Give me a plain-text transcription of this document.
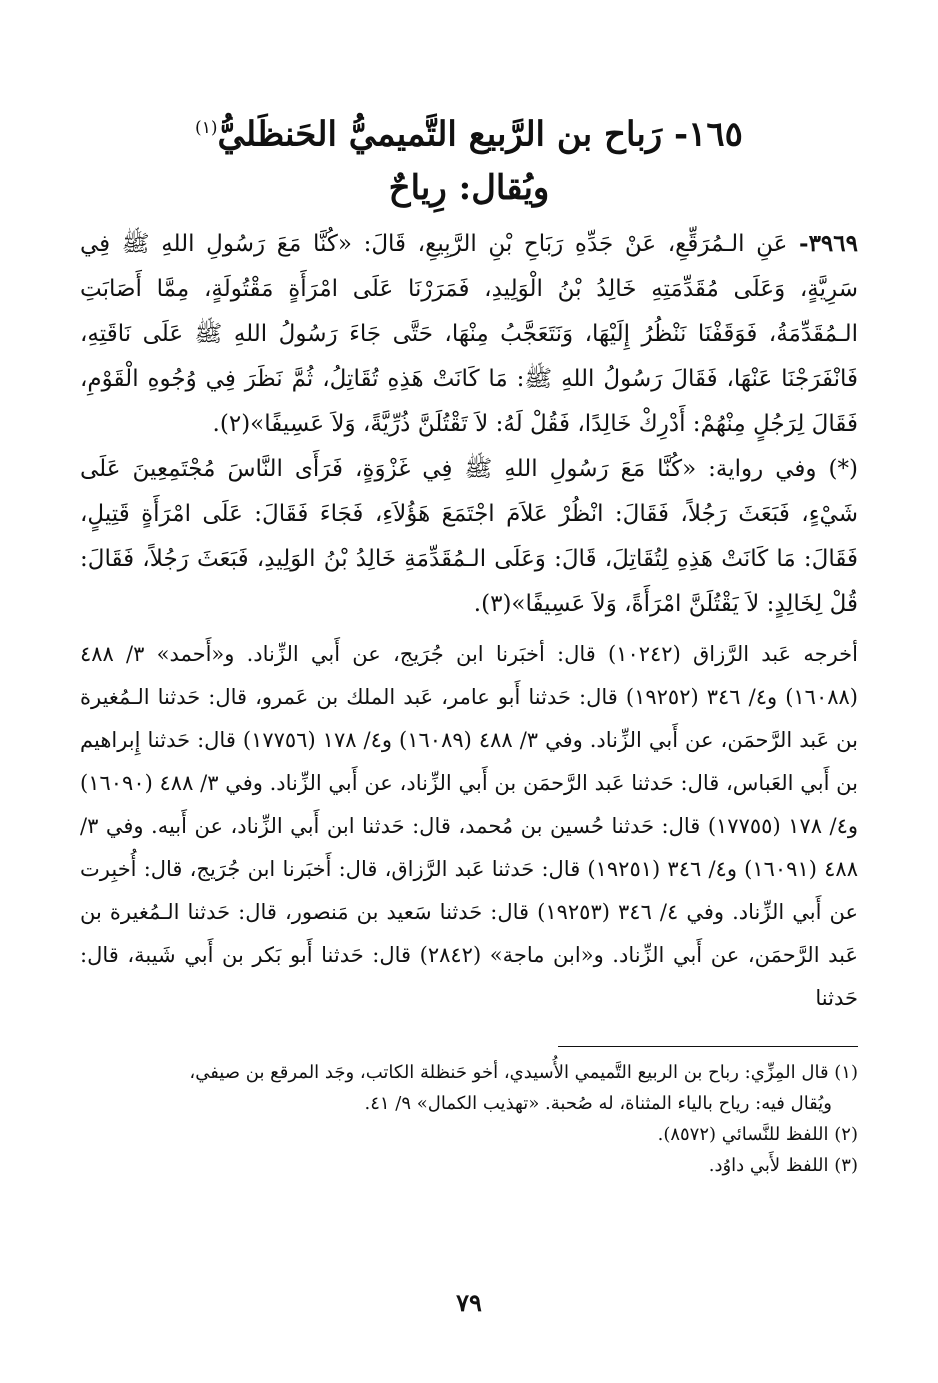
١٦٥- رَباح بن الرَّبيع التَّميميُّ الحَنظَليُّ$^{(١)}$
ويُقال: رِياحٌ

٣٩٦٩- عَنِ الـمُرَقِّعِ، عَنْ جَدِّهِ رَبَاحِ بْنِ الرَّبِيعِ، قَالَ: «كُنَّا مَعَ رَسُولِ اللهِ ﷺ فِي سَرِيَّةٍ، وَعَلَى مُقَدِّمَتِهِ خَالِدُ بْنُ الْوَلِيدِ، فَمَرَرْنَا عَلَى امْرَأَةٍ مَقْتُولَةٍ، مِمَّا أَصَابَتِ الـمُقَدِّمَةُ، فَوَقَفْنَا نَنْظُرُ إِلَيْهَا، وَنَتَعَجَّبُ مِنْهَا، حَتَّى جَاءَ رَسُولُ اللهِ ﷺ عَلَى نَاقَتِهِ، فَانْفَرَجْنَا عَنْهَا، فَقَالَ رَسُولُ اللهِ ﷺ: مَا كَانَتْ هَذِهِ تُقَاتِلُ، ثُمَّ نَظَرَ فِي وُجُوهِ الْقَوْمِ، فَقَالَ لِرَجُلٍ مِنْهُمْ: أَدْرِكْ خَالِدًا، فَقُلْ لَهُ: لاَ تَقْتُلَنَّ ذُرِّيَّةً، وَلاَ عَسِيفًا»(٢).

(*) وفي رواية: «كُنَّا مَعَ رَسُولِ اللهِ ﷺ فِي غَزْوَةٍ، فَرَأَى النَّاسَ مُجْتَمِعِينَ عَلَى شَيْءٍ، فَبَعَثَ رَجُلاً، فَقَالَ: انْظُرْ عَلاَمَ اجْتَمَعَ هَؤُلاَءِ، فَجَاءَ فَقَالَ: عَلَى امْرَأَةٍ قَتِيلٍ، فَقَالَ: مَا كَانَتْ هَذِهِ لِتُقَاتِلَ، قَالَ: وَعَلَى الـمُقَدِّمَةِ خَالِدُ بْنُ الوَلِيدِ، فَبَعَثَ رَجُلاً، فَقَالَ: قُلْ لِخَالِدٍ: لاَ يَقْتُلَنَّ امْرَأَةً، وَلاَ عَسِيفًا»(٣).

أخرجه عَبد الرَّزاق (١٠٢٤٢) قال: أخبَرنا ابن جُرَيج، عن أَبي الزِّناد. و«أَحمد» ٣/ ٤٨٨ (١٦٠٨٨) و٤/ ٣٤٦ (١٩٢٥٢) قال: حَدثنا أَبو عامر، عَبد الملك بن عَمرو، قال: حَدثنا الـمُغيرة بن عَبد الرَّحمَن، عن أَبي الزِّناد. وفي ٣/ ٤٨٨ (١٦٠٨٩) و٤/ ١٧٨ (١٧٧٥٦) قال: حَدثنا إِبراهيم بن أَبي العَباس، قال: حَدثنا عَبد الرَّحمَن بن أَبي الزِّناد، عن أَبي الزِّناد. وفي ٣/ ٤٨٨ (١٦٠٩٠) و٤/ ١٧٨ (١٧٧٥٥) قال: حَدثنا حُسين بن مُحمد، قال: حَدثنا ابن أَبي الزِّناد، عن أَبيه. وفي ٣/ ٤٨٨ (١٦٠٩١) و٤/ ٣٤٦ (١٩٢٥١) قال: حَدثنا عَبد الرَّزاق، قال: أَخبَرنا ابن جُرَيج، قال: أُخبِرت عن أَبي الزِّناد. وفي ٤/ ٣٤٦ (١٩٢٥٣) قال: حَدثنا سَعيد بن مَنصور، قال: حَدثنا الـمُغيرة بن عَبد الرَّحمَن، عن أَبي الزِّناد. و«ابن ماجة» (٢٨٤٢) قال: حَدثنا أَبو بَكر بن أَبي شَيبة، قال: حَدثنا

(١) قال المِزِّي: رباح بن الربيع التَّميمي الأُسيدي، أخو حَنظلة الكاتب، وجَد المرقع بن صيفي،
ويُقال فيه: رياح بالياء المثناة، له صُحبة. «تهذيب الكمال» ٩/ ٤١.
(٢) اللفظ للنَّسائي (٨٥٧٢).
(٣) اللفظ لأَبي داوُد.
٧٩
